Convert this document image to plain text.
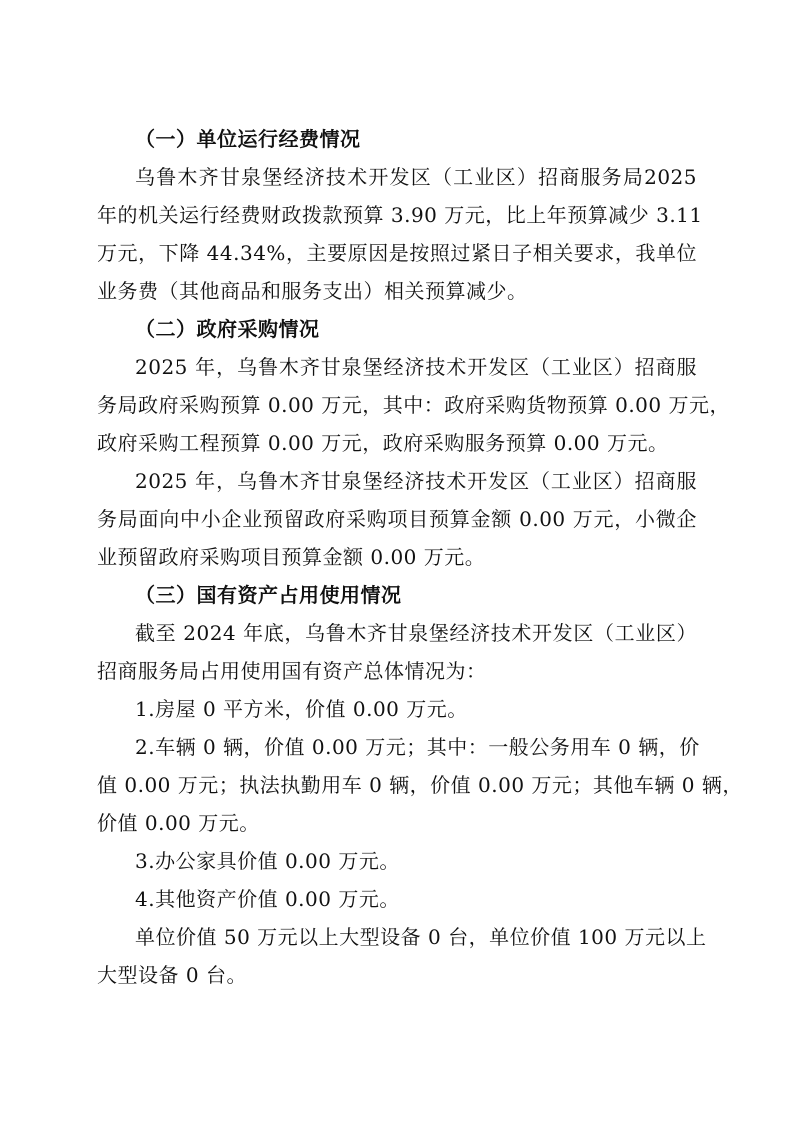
（一）单位运行经费情况
乌鲁木齐甘泉堡经济技术开发区（工业区）招商服务局2025
年的机关运行经费财政拨款预算 3.90 万元，比上年预算减少 3.11
万元，下降 44.34%，主要原因是按照过紧日子相关要求，我单位
业务费（其他商品和服务支出）相关预算减少。
（二）政府采购情况
2025 年，乌鲁木齐甘泉堡经济技术开发区（工业区）招商服
务局政府采购预算 0.00 万元，其中：政府采购货物预算 0.00 万元，
政府采购工程预算 0.00 万元，政府采购服务预算 0.00 万元。
2025 年，乌鲁木齐甘泉堡经济技术开发区（工业区）招商服
务局面向中小企业预留政府采购项目预算金额 0.00 万元，小微企
业预留政府采购项目预算金额 0.00 万元。
（三）国有资产占用使用情况
截至 2024 年底，乌鲁木齐甘泉堡经济技术开发区（工业区）
招商服务局占用使用国有资产总体情况为：
1.房屋 0 平方米，价值 0.00 万元。
2.车辆 0 辆，价值 0.00 万元；其中：一般公务用车 0 辆，价
值 0.00 万元；执法执勤用车 0 辆，价值 0.00 万元；其他车辆 0 辆，
价值 0.00 万元。
3.办公家具价值 0.00 万元。
4.其他资产价值 0.00 万元。
单位价值 50 万元以上大型设备 0 台，单位价值 100 万元以上
大型设备 0 台。
